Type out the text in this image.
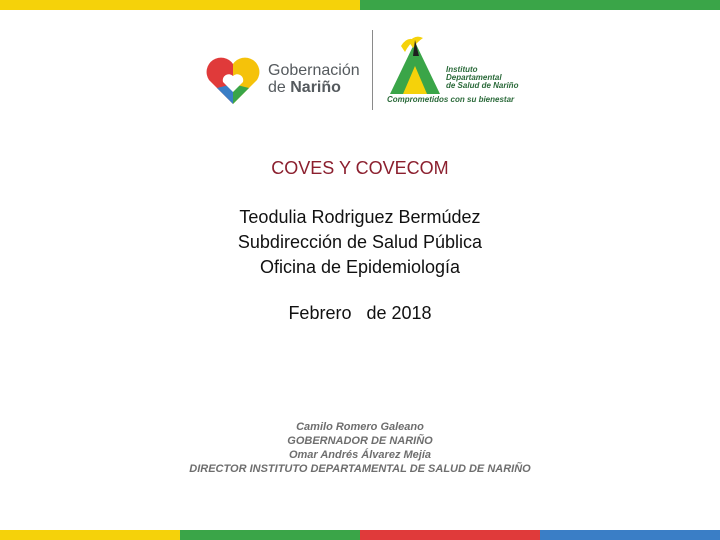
Gobernación
de Nariño
Instituto
Departamental
de Salud de Nariño
Comprometidos con su bienestar
COVES Y COVECOM
Teodulia Rodriguez Bermúdez
Subdirección de Salud Pública
Oficina de Epidemiología
Febrero   de 2018
Camilo Romero Galeano
GOBERNADOR DE NARIÑO
Omar Andrés Álvarez Mejía
DIRECTOR INSTITUTO DEPARTAMENTAL DE SALUD DE NARIÑO
